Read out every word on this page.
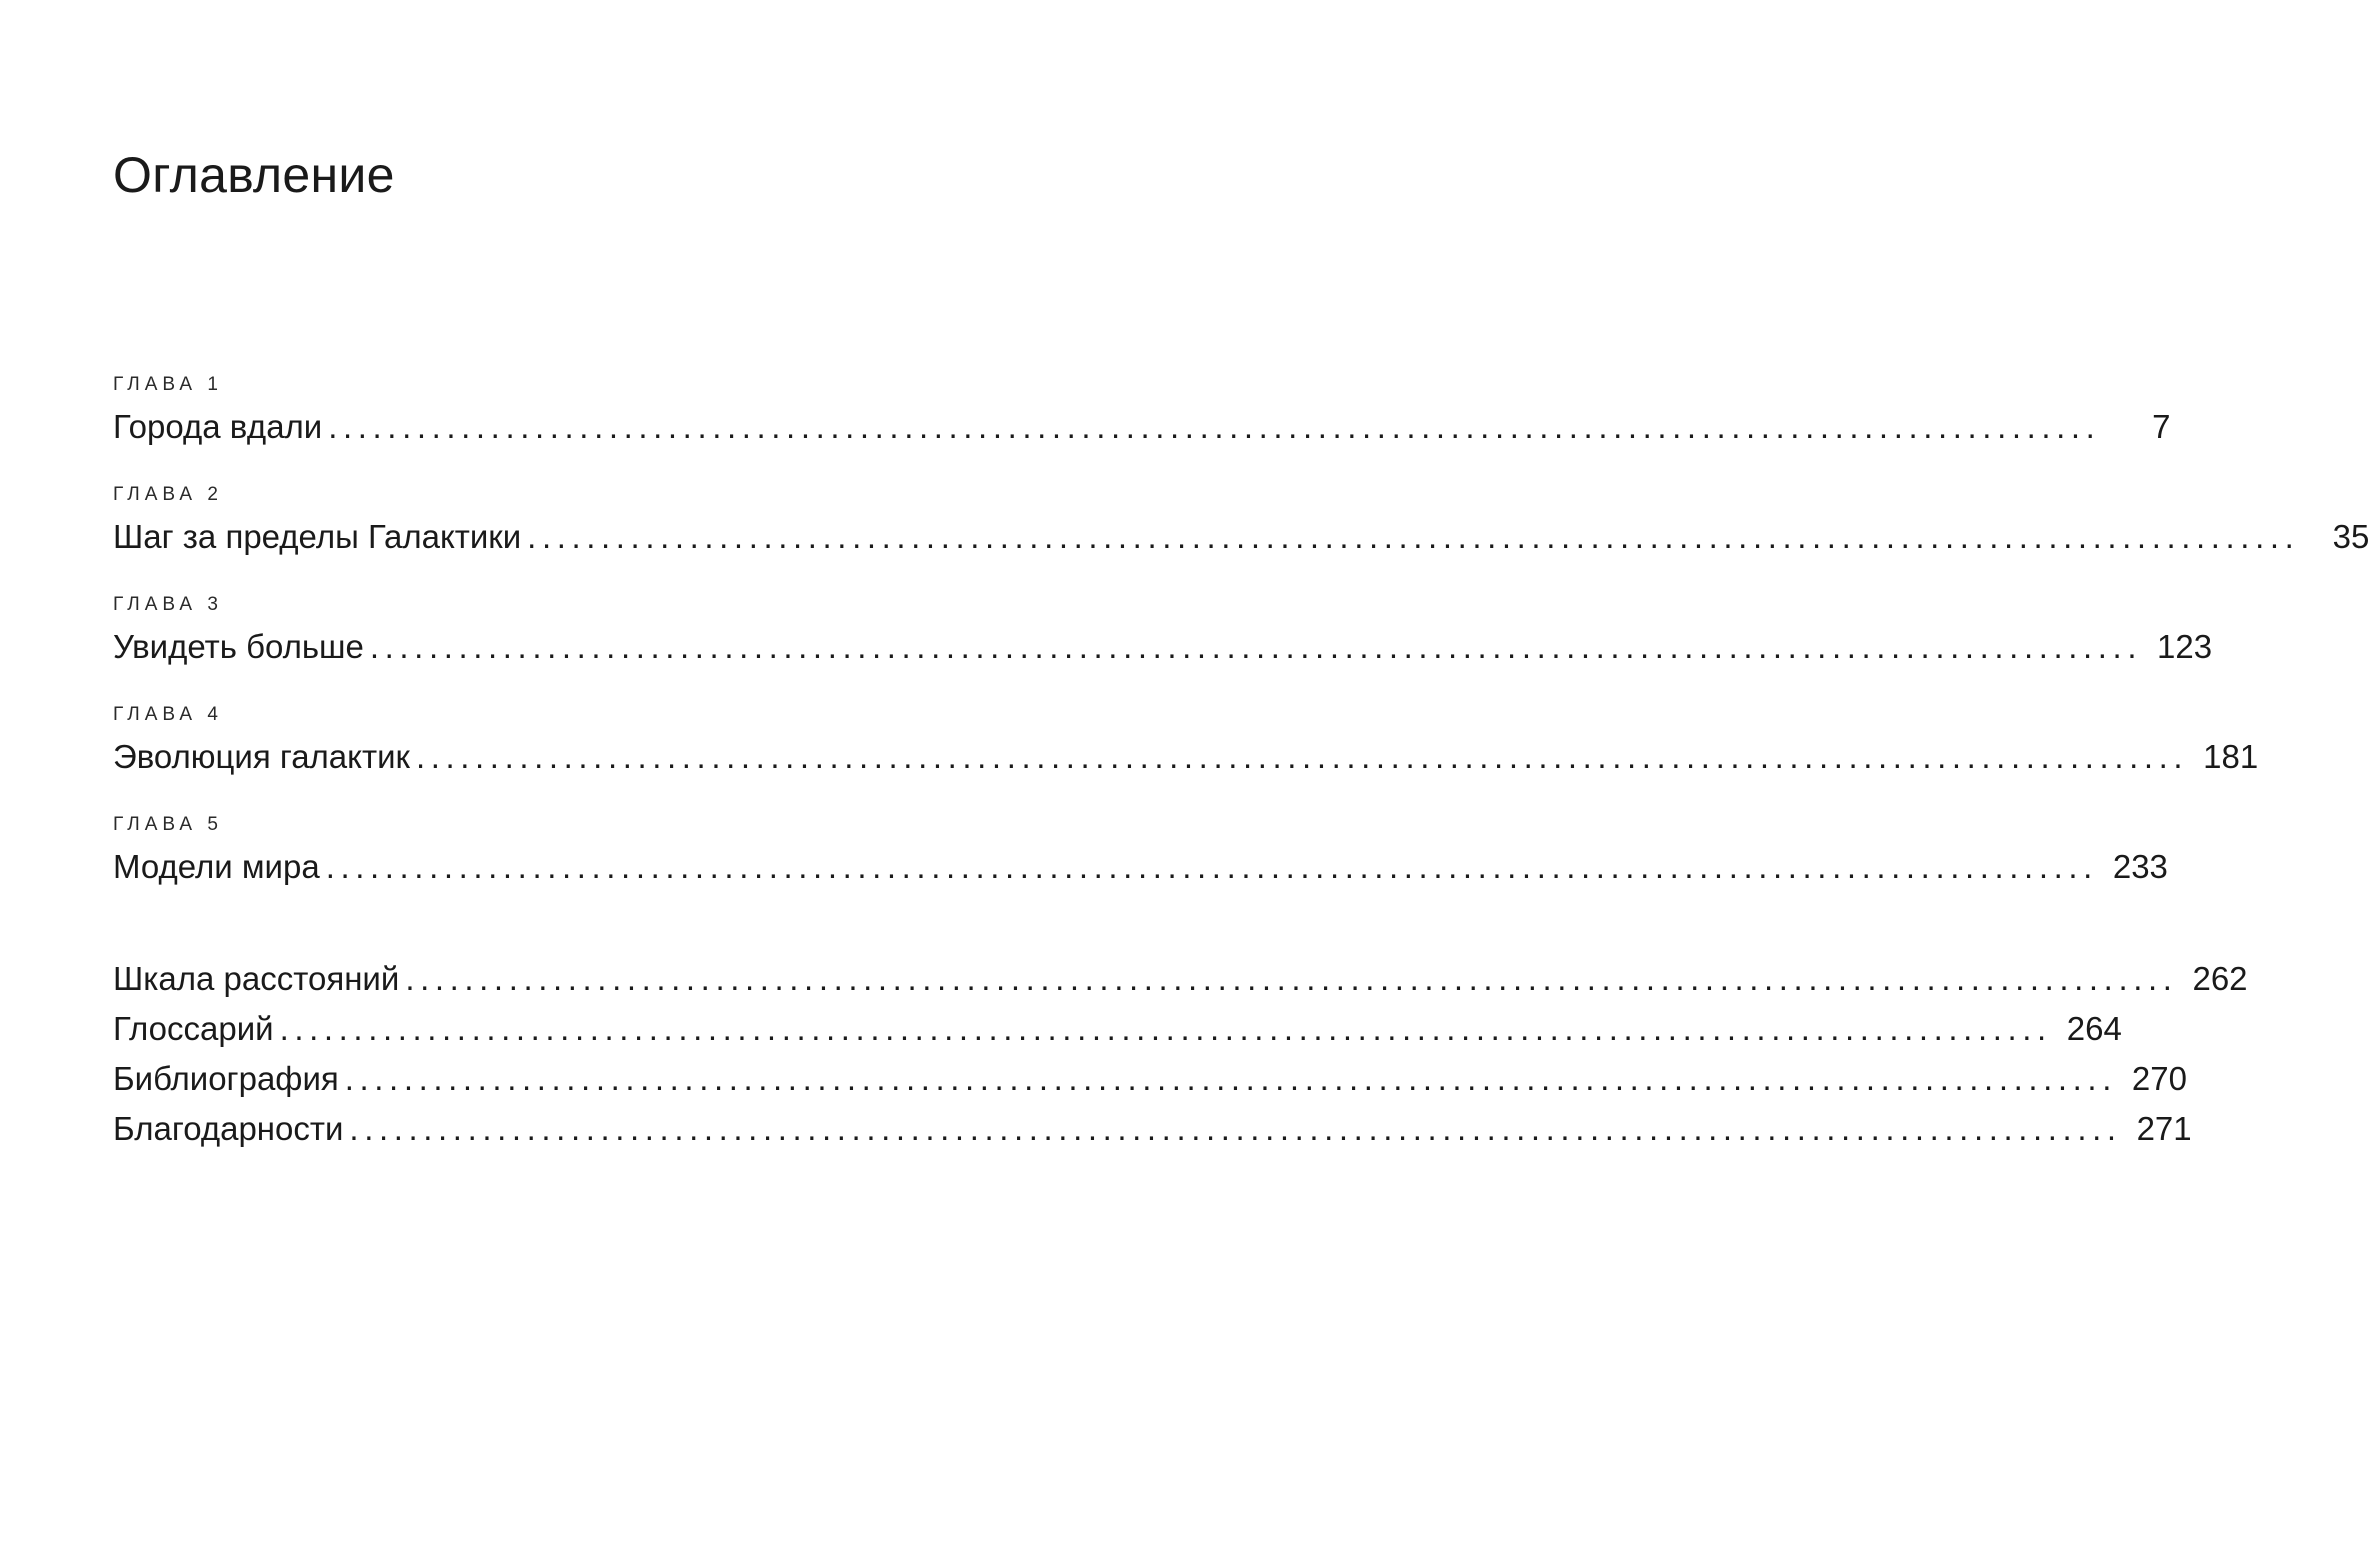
Оглавление
ГЛАВА 1
Города вдали ........................................................................................................................	7
ГЛАВА 2
Шаг за пределы Галактики ........................................................................................................................	35
ГЛАВА 3
Увидеть больше ........................................................................................................................ 123
ГЛАВА 4
Эволюция галактик ........................................................................................................................ 181
ГЛАВА 5
Модели мира ........................................................................................................................ 233
Шкала расстояний ........................................................................................................................ 262
Глоссарий ........................................................................................................................ 264
Библиография ........................................................................................................................ 270
Благодарности ........................................................................................................................ 271
